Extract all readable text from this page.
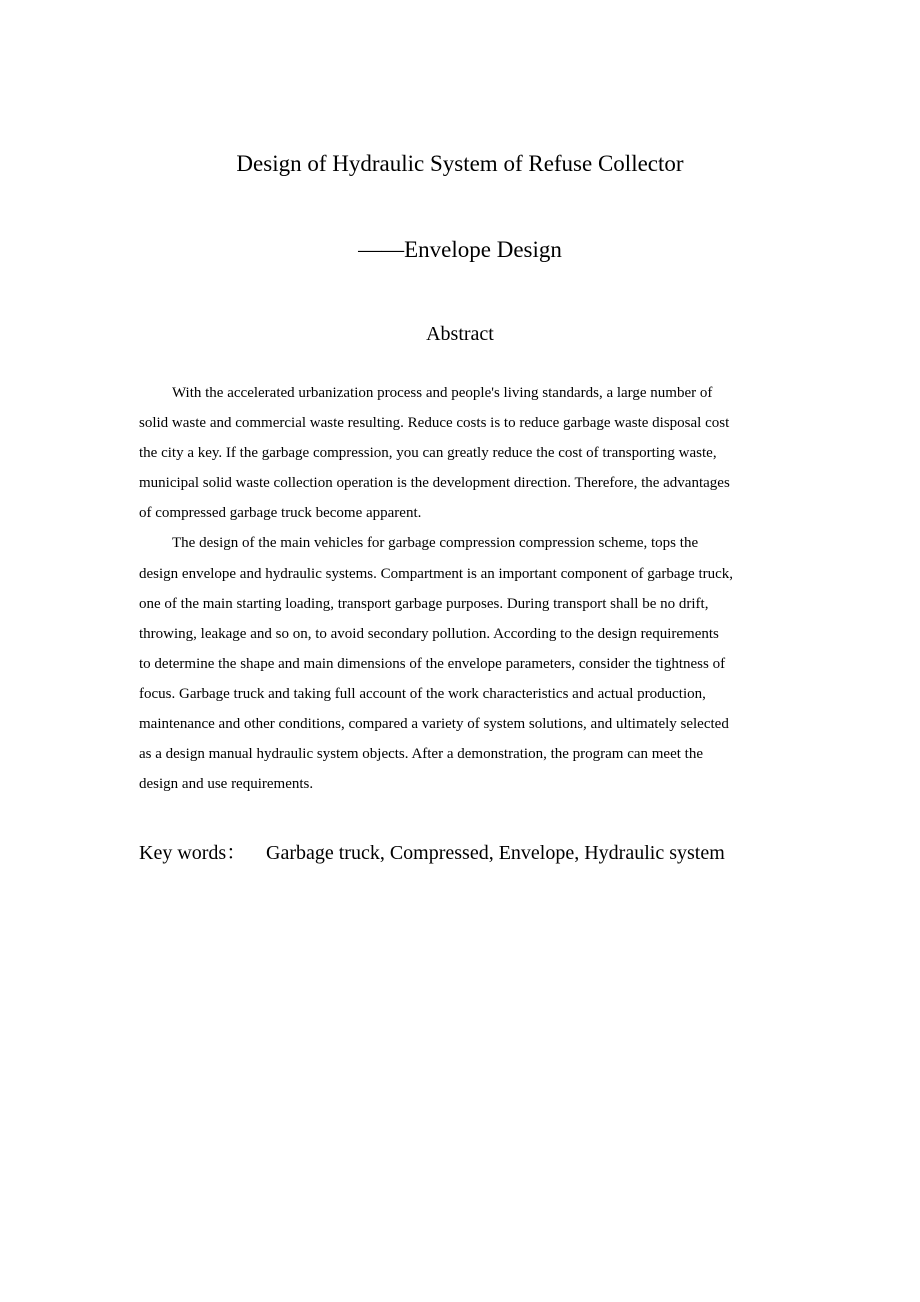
Design of Hydraulic System of Refuse Collector
——Envelope Design
Abstract

With the accelerated urbanization process and people's living standards, a large number of
solid waste and commercial waste resulting. Reduce costs is to reduce garbage waste disposal cost
the city a key. If the garbage compression, you can greatly reduce the cost of transporting waste,
municipal solid waste collection operation is the development direction. Therefore, the advantages
of compressed garbage truck become apparent.

The design of the main vehicles for garbage compression compression scheme, tops the
design envelope and hydraulic systems. Compartment is an important component of garbage truck,
one of the main starting loading, transport garbage purposes. During transport shall be no drift,
throwing, leakage and so on, to avoid secondary pollution. According to the design requirements
to determine the shape and main dimensions of the envelope parameters, consider the tightness of
focus. Garbage truck and taking full account of the work characteristics and actual production,
maintenance and other conditions, compared a variety of system solutions, and ultimately selected
as a design manual hydraulic system objects. After a demonstration, the program can meet the
design and use requirements.

Key words： Garbage truck, Compressed, Envelope, Hydraulic system
